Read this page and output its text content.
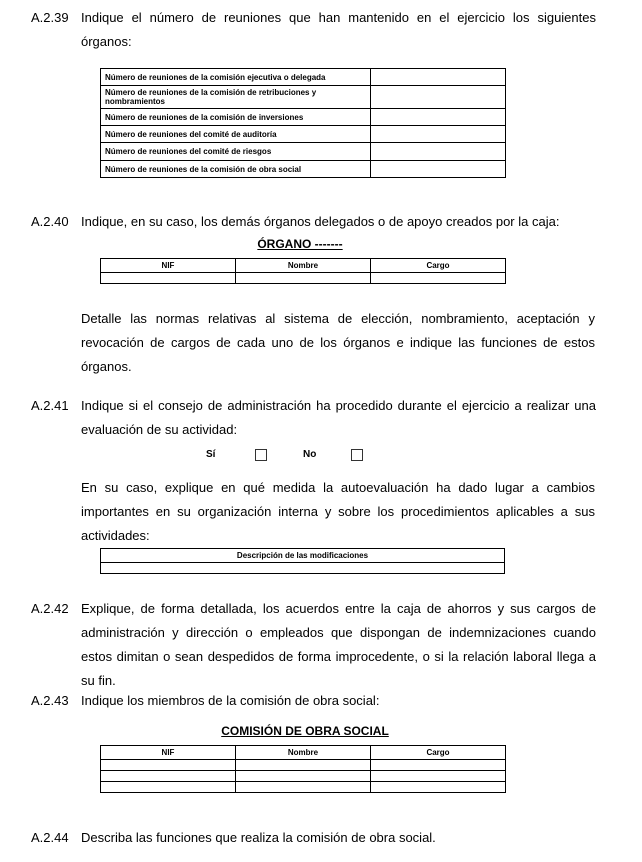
A.2.39 Indique el número de reuniones que han mantenido en el ejercicio los siguientes órganos:
Número de reuniones de la comisión ejecutiva o delegada	
Número de reuniones de la comisión de retribuciones y nombramientos	
Número de reuniones de la comisión de inversiones	
Número de reuniones del comité de auditoría	
Número de reuniones del comité de riesgos	
Número de reuniones de la comisión de obra social	
A.2.40 Indique, en su caso, los demás órganos delegados o de apoyo creados por la caja:
ÓRGANO -------
NIF	Nombre	Cargo

Detalle las normas relativas al sistema de elección, nombramiento, aceptación y revocación de cargos de cada uno de los órganos e indique las funciones de estos órganos.
A.2.41 Indique si el consejo de administración ha procedido durante el ejercicio a realizar una evaluación de su actividad:
Sí	No
En su caso, explique en qué medida la autoevaluación ha dado lugar a cambios importantes en su organización interna y sobre los procedimientos aplicables a sus actividades:
Descripción de las modificaciones

A.2.42 Explique, de forma detallada, los acuerdos entre la caja de ahorros y sus cargos de administración y dirección o empleados que dispongan de indemnizaciones cuando estos dimitan o sean despedidos de forma improcedente, o si la relación laboral llega a su fin.
A.2.43 Indique los miembros de la comisión de obra social:
COMISIÓN DE OBRA SOCIAL
NIF	Nombre	Cargo

A.2.44 Describa las funciones que realiza la comisión de obra social.
